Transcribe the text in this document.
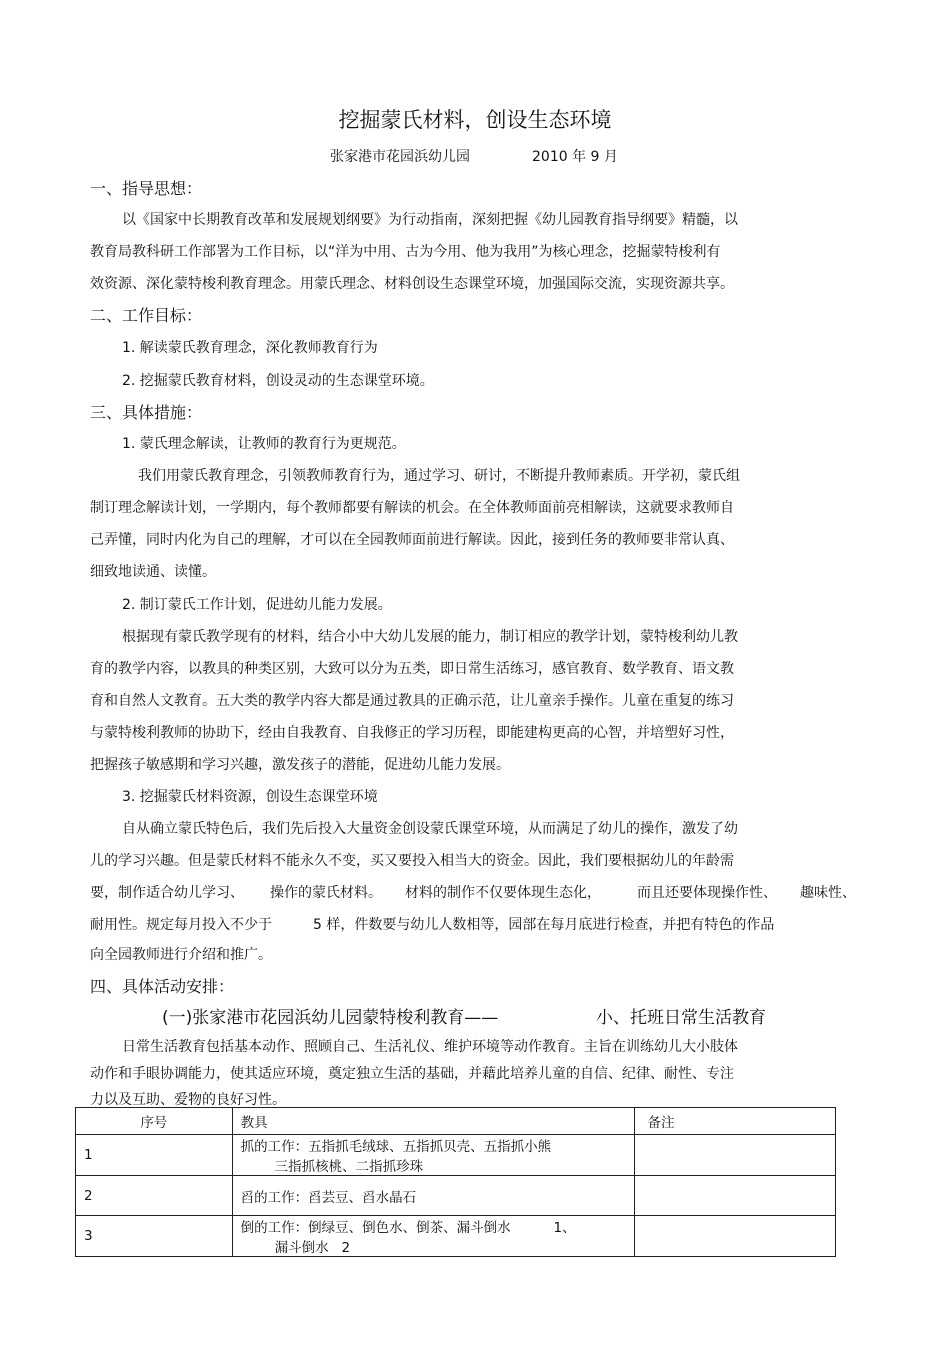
挖掘蒙氏材料，创设生态环境
张家港市花园浜幼儿园	2010 年 9 月
一、指导思想：
以《国家中长期教育改革和发展规划纲要》为行动指南，深刻把握《幼儿园教育指导纲要》精髓，以
教育局教科研工作部署为工作目标，以“洋为中用、古为今用、他为我用”为核心理念，挖掘蒙特梭利有
效资源、深化蒙特梭利教育理念。用蒙氏理念、材料创设生态课堂环境，加强国际交流，实现资源共享。
二、工作目标：
1. 解读蒙氏教育理念，深化教师教育行为
2. 挖掘蒙氏教育材料，创设灵动的生态课堂环境。
三、具体措施：
1. 蒙氏理念解读，让教师的教育行为更规范。
我们用蒙氏教育理念，引领教师教育行为，通过学习、研讨，不断提升教师素质。开学初，蒙氏组
制订理念解读计划，一学期内，每个教师都要有解读的机会。在全体教师面前亮相解读，这就要求教师自
己弄懂，同时内化为自己的理解，才可以在全园教师面前进行解读。因此，接到任务的教师要非常认真、
细致地读通、读懂。
2. 制订蒙氏工作计划，促进幼儿能力发展。
根据现有蒙氏教学现有的材料，结合小中大幼儿发展的能力，制订相应的教学计划，蒙特梭利幼儿教
育的教学内容，以教具的种类区别，大致可以分为五类，即日常生活练习，感官教育、数学教育、语文教
育和自然人文教育。五大类的教学内容大都是通过教具的正确示范，让儿童亲手操作。儿童在重复的练习
与蒙特梭利教师的协助下，经由自我教育、自我修正的学习历程，即能建构更高的心智，并培塑好习性，
把握孩子敏感期和学习兴趣，激发孩子的潜能，促进幼儿能力发展。
3. 挖掘蒙氏材料资源，创设生态课堂环境
自从确立蒙氏特色后，我们先后投入大量资金创设蒙氏课堂环境，从而满足了幼儿的操作，激发了幼
儿的学习兴趣。但是蒙氏材料不能永久不变，买又要投入相当大的资金。因此，我们要根据幼儿的年龄需
要，制作适合幼儿学习、 操作的蒙氏材料。 材料的制作不仅要体现生态化，	而且还要体现操作性、 趣味性、
耐用性。规定每月投入不少于	5 样，件数要与幼儿人数相等，园部在每月底进行检查，并把有特色的作品
向全园教师进行介绍和推广。
四、具体活动安排：
(一)张家港市花园浜幼儿园蒙特梭利教育——	小、托班日常生活教育
日常生活教育包括基本动作、照顾自己、生活礼仪、维护环境等动作教育。主旨在训练幼儿大小肢体
动作和手眼协调能力，使其适应环境，奠定独立生活的基础，并藉此培养儿童的自信、纪律、耐性、专注
力以及互助、爱物的良好习性。
序号	教具	备注
1	抓的工作：五指抓毛绒球、五指抓贝壳、五指抓小熊
三指抓核桃、二指抓珍珠	
2	舀的工作：舀芸豆、舀水晶石	

3	倒的工作：倒绿豆、倒色水、倒茶、漏斗倒水          1、
漏斗倒水   2	
